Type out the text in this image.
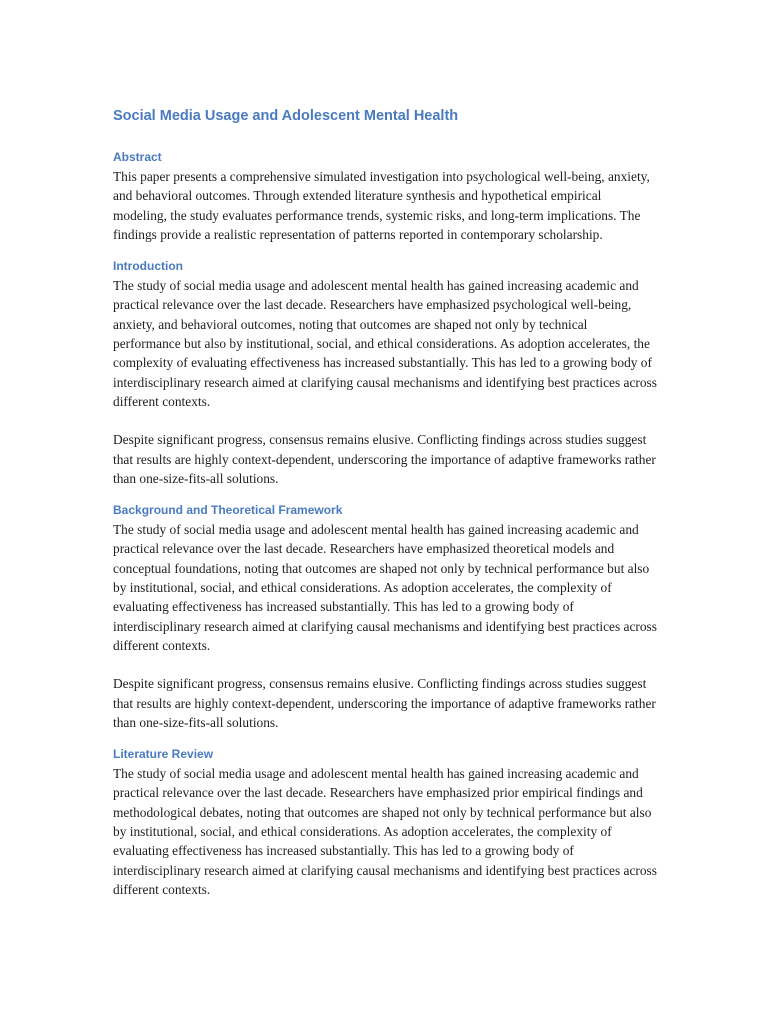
Social Media Usage and Adolescent Mental Health
Abstract

This paper presents a comprehensive simulated investigation into psychological well-being, anxiety, and behavioral outcomes. Through extended literature synthesis and hypothetical empirical modeling, the study evaluates performance trends, systemic risks, and long-term implications. The findings provide a realistic representation of patterns reported in contemporary scholarship.

Introduction

The study of social media usage and adolescent mental health has gained increasing academic and practical relevance over the last decade. Researchers have emphasized psychological well-being, anxiety, and behavioral outcomes, noting that outcomes are shaped not only by technical performance but also by institutional, social, and ethical considerations. As adoption accelerates, the complexity of evaluating effectiveness has increased substantially. This has led to a growing body of interdisciplinary research aimed at clarifying causal mechanisms and identifying best practices across different contexts.

Despite significant progress, consensus remains elusive. Conflicting findings across studies suggest that results are highly context-dependent, underscoring the importance of adaptive frameworks rather than one-size-fits-all solutions.

Background and Theoretical Framework

The study of social media usage and adolescent mental health has gained increasing academic and practical relevance over the last decade. Researchers have emphasized theoretical models and conceptual foundations, noting that outcomes are shaped not only by technical performance but also by institutional, social, and ethical considerations. As adoption accelerates, the complexity of evaluating effectiveness has increased substantially. This has led to a growing body of interdisciplinary research aimed at clarifying causal mechanisms and identifying best practices across different contexts.

Despite significant progress, consensus remains elusive. Conflicting findings across studies suggest that results are highly context-dependent, underscoring the importance of adaptive frameworks rather than one-size-fits-all solutions.

Literature Review

The study of social media usage and adolescent mental health has gained increasing academic and practical relevance over the last decade. Researchers have emphasized prior empirical findings and methodological debates, noting that outcomes are shaped not only by technical performance but also by institutional, social, and ethical considerations. As adoption accelerates, the complexity of evaluating effectiveness has increased substantially. This has led to a growing body of interdisciplinary research aimed at clarifying causal mechanisms and identifying best practices across different contexts.
